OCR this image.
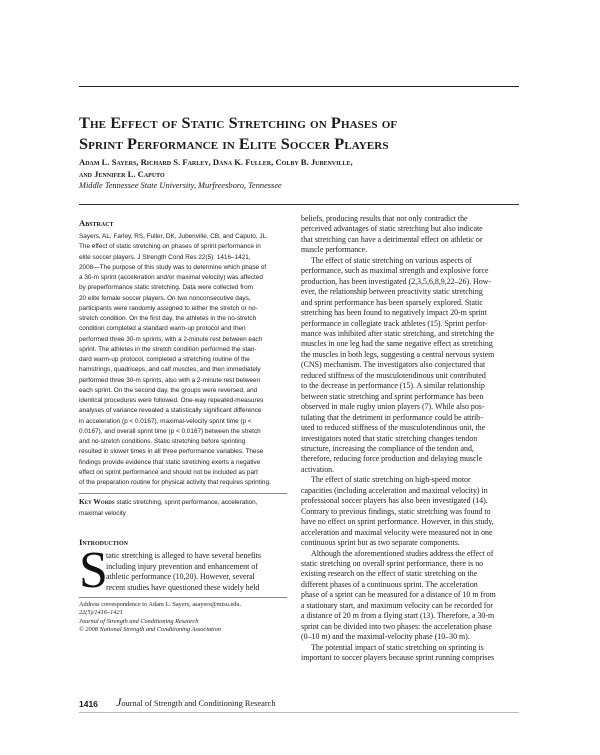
The Effect of Static Stretching on Phases of
Sprint Performance in Elite Soccer Players
Adam L. Sayers, Richard S. Farley, Dana K. Fuller, Colby B. Jubenville,
and Jennifer L. Caputo
Middle Tennessee State University, Murfreesboro, Tennessee
Abstract
Sayers, AL, Farley, RS, Fuller, DK, Jubenville, CB, and Caputo, JL.
The effect of static stretching on phases of sprint performance in
elite soccer players. J Strength Cond Res 22(5): 1416–1421,
2008—The purpose of this study was to determine which phase of
a 30-m sprint (acceleration and/or maximal velocity) was affected
by preperformance static stretching. Data were collected from
20 elite female soccer players. On two nonconsecutive days,
participants were randomly assigned to either the stretch or no-
stretch condition. On the first day, the athletes in the no-stretch
condition completed a standard warm-up protocol and then
performed three 30-m sprints, with a 2-minute rest between each
sprint. The athletes in the stretch condition performed the stan-
dard warm-up protocol, completed a stretching routine of the
hamstrings, quadriceps, and calf muscles, and then immediately
performed three 30-m sprints, also with a 2-minute rest between
each sprint. On the second day, the groups were reversed, and
identical procedures were followed. One-way repeated-measures
analyses of variance revealed a statistically significant difference
in acceleration (p < 0.0167), maximal-velocity sprint time (p <
0.0167), and overall sprint time (p < 0.0167) between the stretch
and no-stretch conditions. Static stretching before sprinting
resulted in slower times in all three performance variables. These
findings provide evidence that static stretching exerts a negative
effect on sprint performance and should not be included as part
of the preparation routine for physical activity that requires sprinting.
Key Words static stretching, sprint performance, acceleration,
maximal velocity
Introduction
S
tatic stretching is alleged to have several benefits
including injury prevention and enhancement of
athletic performance (10,20). However, several
recent studies have questioned these widely held
Address correspondence to Adam L. Sayers, asayers@mtsu.edu.
22(5)/1416–1421
Journal of Strength and Conditioning Research
© 2008 National Strength and Conditioning Association
beliefs, producing results that not only contradict the
perceived advantages of static stretching but also indicate
that stretching can have a detrimental effect on athletic or
muscle performance.
The effect of static stretching on various aspects of
performance, such as maximal strength and explosive force
production, has been investigated (2,3,5,6,8,9,22–26). How-
ever, the relationship between preactivity static stretching
and sprint performance has been sparsely explored. Static
stretching has been found to negatively impact 20-m sprint
performance in collegiate track athletes (15). Sprint perfor-
mance was inhibited after static stretching, and stretching the
muscles in one leg had the same negative effect as stretching
the muscles in both legs, suggesting a central nervous system
(CNS) mechanism. The investigators also conjectured that
reduced stiffness of the musculotendinous unit contributed
to the decrease in performance (15). A similar relationship
between static stretching and sprint performance has been
observed in male rugby union players (7). While also pos-
tulating that the detriment in performance could be attrib-
uted to reduced stiffness of the musculotendinous unit, the
investigators noted that static stretching changes tendon
structure, increasing the compliance of the tendon and,
therefore, reducing force production and delaying muscle
activation.
The effect of static stretching on high-speed motor
capacities (including acceleration and maximal velocity) in
professional soccer players has also been investigated (14).
Contrary to previous findings, static stretching was found to
have no effect on sprint performance. However, in this study,
acceleration and maximal velocity were measured not in one
continuous sprint but as two separate components.
Although the aforementioned studies address the effect of
static stretching on overall sprint performance, there is no
existing research on the effect of static stretching on the
different phases of a continuous sprint. The acceleration
phase of a sprint can be measured for a distance of 10 m from
a stationary start, and maximum velocity can be recorded for
a distance of 20 m from a flying start (13). Therefore, a 30-m
sprint can be divided into two phases: the acceleration phase
(0–10 m) and the maximal-velocity phase (10–30 m).
The potential impact of static stretching on sprinting is
important to soccer players because sprint running comprises
1416 Journal of Strength and Conditioning Research
